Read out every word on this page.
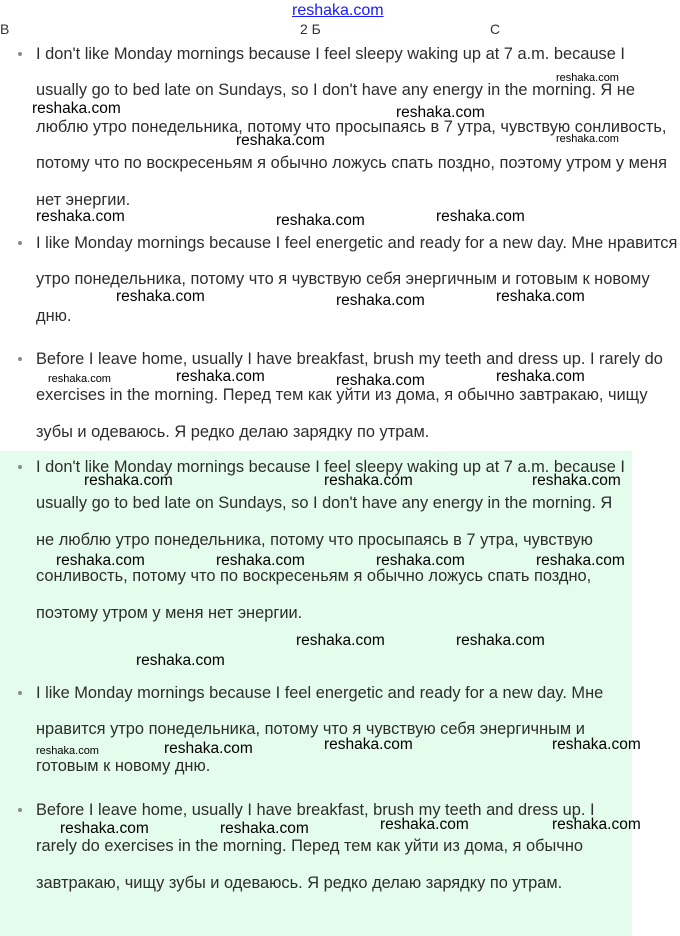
reshaka.com
В	2 Б	С

I don't like Monday mornings because I feel sleepy waking up at 7 a.m. because I usually go to bed late on Sundays, so I don't have any energy in the morning. Я не люблю утро понедельника, потому что просыпаясь в 7 утра, чувствую сонливость, потому что по воскресеньям я обычно ложусь спать поздно, поэтому утром у меня нет энергии.

I like Monday mornings because I feel energetic and ready for a new day. Мне нравится утро понедельника, потому что я чувствую себя энергичным и готовым к новому дню.

Before I leave home, usually I have breakfast, brush my teeth and dress up. I rarely do exercises in the morning. Перед тем как уйти из дома, я обычно завтракаю, чищу зубы и одеваюсь. Я редко делаю зарядку по утрам.

I don't like Monday mornings because I feel sleepy waking up at 7 a.m. because I usually go to bed late on Sundays, so I don't have any energy in the morning. Я не люблю утро понедельника, потому что просыпаясь в 7 утра, чувствую сонливость, потому что по воскресеньям я обычно ложусь спать поздно, поэтому утром у меня нет энергии.

I like Monday mornings because I feel energetic and ready for a new day. Мне нравится утро понедельника, потому что я чувствую себя энергичным и готовым к новому дню.

Before I leave home, usually I have breakfast, brush my teeth and dress up. I rarely do exercises in the morning. Перед тем как уйти из дома, я обычно завтракаю, чищу зубы и одеваюсь. Я редко делаю зарядку по утрам.

reshaka.com
reshaka.com	reshaka.com
reshaka.com	reshaka.com
reshaka.com	reshaka.com	reshaka.com
reshaka.com	reshaka.com	reshaka.com
reshaka.com	reshaka.com	reshaka.com	reshaka.com
reshaka.com	reshaka.com	reshaka.com
reshaka.com	reshaka.com	reshaka.com	reshaka.com
reshaka.com	reshaka.com
reshaka.com
reshaka.com	reshaka.com	reshaka.com	reshaka.com
reshaka.com	reshaka.com	reshaka.com	reshaka.com
